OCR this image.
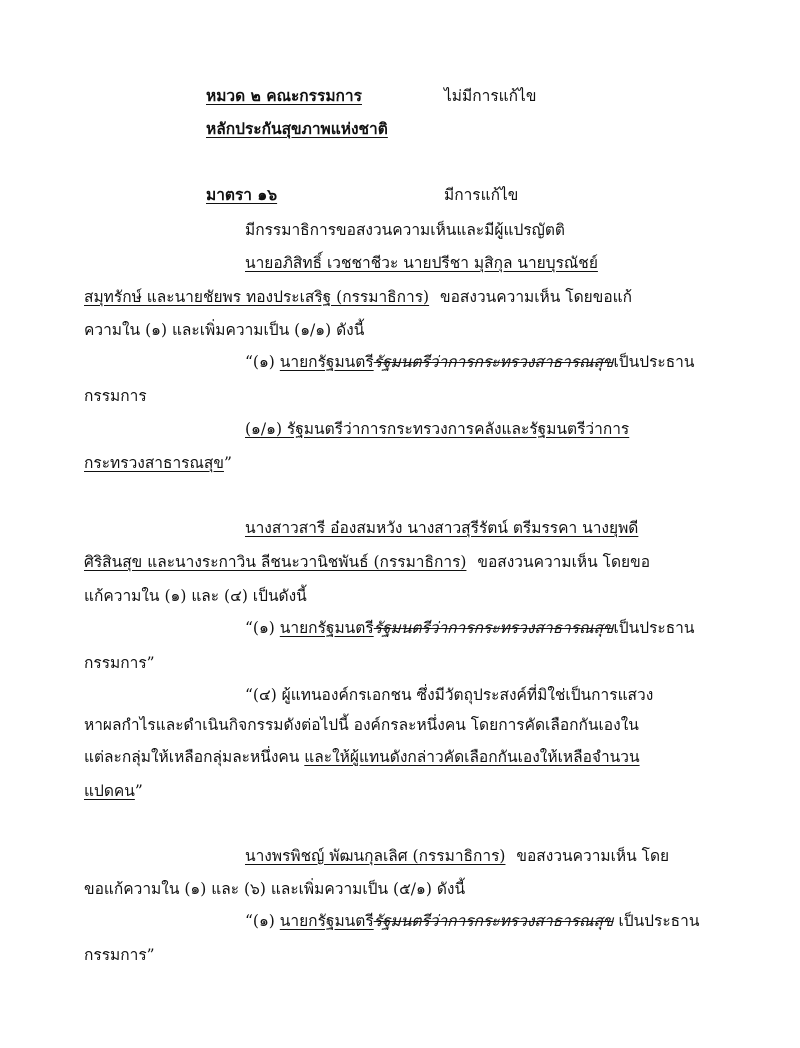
หมวด ๒ คณะกรรมการ	ไม่มีการแก้ไข
หลักประกันสุขภาพแห่งชาติ
มาตรา ๑๖	มีการแก้ไข
มีกรรมาธิการขอสงวนความเห็นและมีผู้แปรญัตติ
นายอภิสิทธิ์ เวชชาชีวะ นายปรีชา มุสิกุล นายบุรณัชย์
สมุทรักษ์ และนายชัยพร ทองประเสริฐ (กรรมาธิการ) ขอสงวนความเห็น โดยขอแก้
ความใน (๑) และเพิ่มความเป็น (๑/๑) ดังนี้
“(๑) นายกรัฐมนตรีรัฐมนตรีว่าการกระทรวงสาธารณสุขเป็นประธาน
กรรมการ
(๑/๑) รัฐมนตรีว่าการกระทรวงการคลังและรัฐมนตรีว่าการ
กระทรวงสาธารณสุข”
นางสาวสารี อ๋องสมหวัง นางสาวสุรีรัตน์ ตรีมรรคา นางยุพดี
ศิริสินสุข และนางระกาวิน ลีชนะวานิชพันธ์ (กรรมาธิการ) ขอสงวนความเห็น โดยขอ
แก้ความใน (๑) และ (๔) เป็นดังนี้
“(๑) นายกรัฐมนตรีรัฐมนตรีว่าการกระทรวงสาธารณสุขเป็นประธาน
กรรมการ”
“(๔) ผู้แทนองค์กรเอกชน ซึ่งมีวัตถุประสงค์ที่มิใช่เป็นการแสวง
หาผลกำไรและดำเนินกิจกรรมดังต่อไปนี้ องค์กรละหนึ่งคน โดยการคัดเลือกกันเองใน
แต่ละกลุ่มให้เหลือกลุ่มละหนึ่งคน และให้ผู้แทนดังกล่าวคัดเลือกกันเองให้เหลือจำนวน
แปดคน”
นางพรพิชญ์ พัฒนกุลเลิศ (กรรมาธิการ) ขอสงวนความเห็น โดย
ขอแก้ความใน (๑) และ (๖) และเพิ่มความเป็น (๕/๑) ดังนี้
“(๑) นายกรัฐมนตรีรัฐมนตรีว่าการกระทรวงสาธารณสุข เป็นประธาน
กรรมการ”
